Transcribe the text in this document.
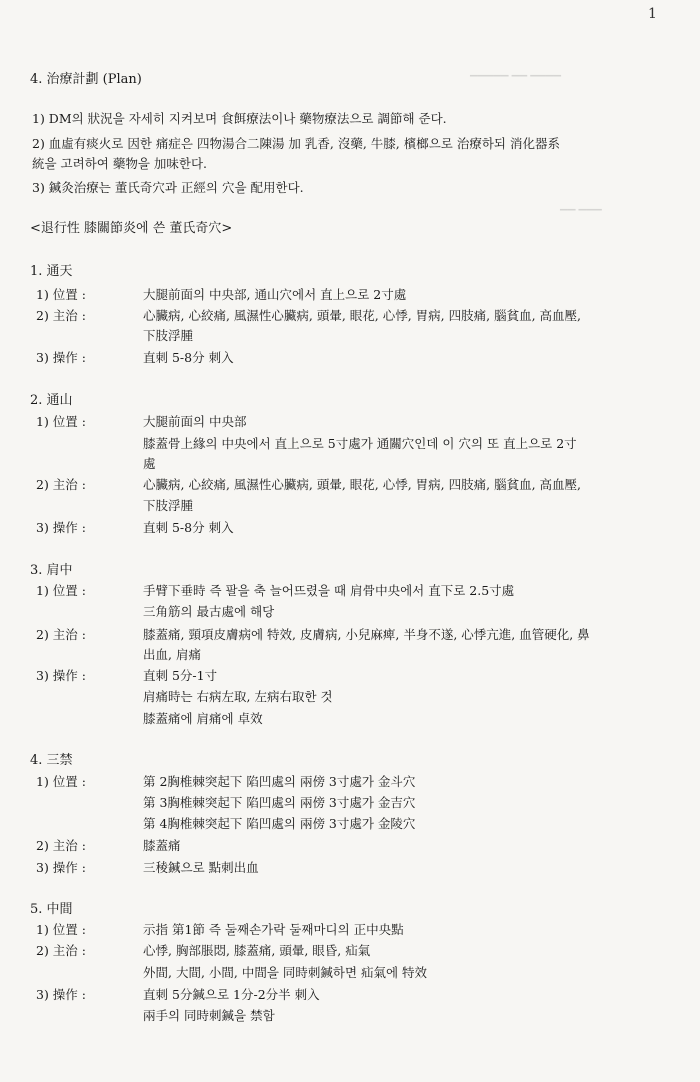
1
▁▁▁▁▁ ▁▁ ▁▁▁▁
▁▁ ▁▁▁
4. 治療計劃 (Plan)
1) DM의 狀況을 자세히 지켜보며 食餌療法이나 藥物療法으로 調節해 준다.
2) 血虛有痰火로 因한 痛症은 四物湯合二陳湯 加 乳香, 沒藥, 牛膝, 檳榔으로 治療하되 消化器系
統을 고려하여 藥物을 加味한다.
3) 鍼灸治療는 董氏奇穴과 正經의 穴을 配用한다.
<退行性 膝關節炎에 쓴 董氏奇穴>
1. 通天
1) 位置 :	大腿前面의 中央部, 通山穴에서 直上으로 2寸處
2) 主治 :	心臟病, 心絞痛, 風濕性心臟病, 頭暈, 眼花, 心悸, 胃病, 四肢痛, 腦貧血, 高血壓,
下肢浮腫
3) 操作 :	直刺 5-8分 刺入
2. 通山
1) 位置 :	大腿前面의 中央部
膝蓋骨上緣의 中央에서 直上으로 5寸處가 通關穴인데 이 穴의 또 直上으로 2寸
處
2) 主治 :	心臟病, 心絞痛, 風濕性心臟病, 頭暈, 眼花, 心悸, 胃病, 四肢痛, 腦貧血, 高血壓,
下肢浮腫
3) 操作 :	直刺 5-8分 刺入
3. 肩中
1) 位置 :	手臂下垂時 즉 팔을 축 늘어뜨렸을 때 肩骨中央에서 直下로 2.5寸處
三角筋의 最古處에 해당
2) 主治 :	膝蓋痛, 頸項皮膚病에 特效, 皮膚病, 小兒麻痺, 半身不遂, 心悸亢進, 血管硬化, 鼻
出血, 肩痛
3) 操作 :	直刺 5分-1寸
肩痛時는 右病左取, 左病右取한 것
膝蓋痛에 肩痛에 卓效
4. 三禁
1) 位置 :	第 2胸椎棘突起下 陷凹處의 兩傍 3寸處가 金斗穴
第 3胸椎棘突起下 陷凹處의 兩傍 3寸處가 金吉穴
第 4胸椎棘突起下 陷凹處의 兩傍 3寸處가 金陵穴
2) 主治 :	膝蓋痛
3) 操作 :	三稜鍼으로 點刺出血
5. 中間
1) 位置 :	示指 第1節 즉 둘째손가락 둘째마디의 正中央點
2) 主治 :	心悸, 胸部脹悶, 膝蓋痛, 頭暈, 眼昏, 疝氣
外間, 大間, 小間, 中間을 同時刺鍼하면 疝氣에 特效
3) 操作 :	直刺 5分鍼으로 1分-2分半 刺入
兩手의 同時刺鍼을 禁함
